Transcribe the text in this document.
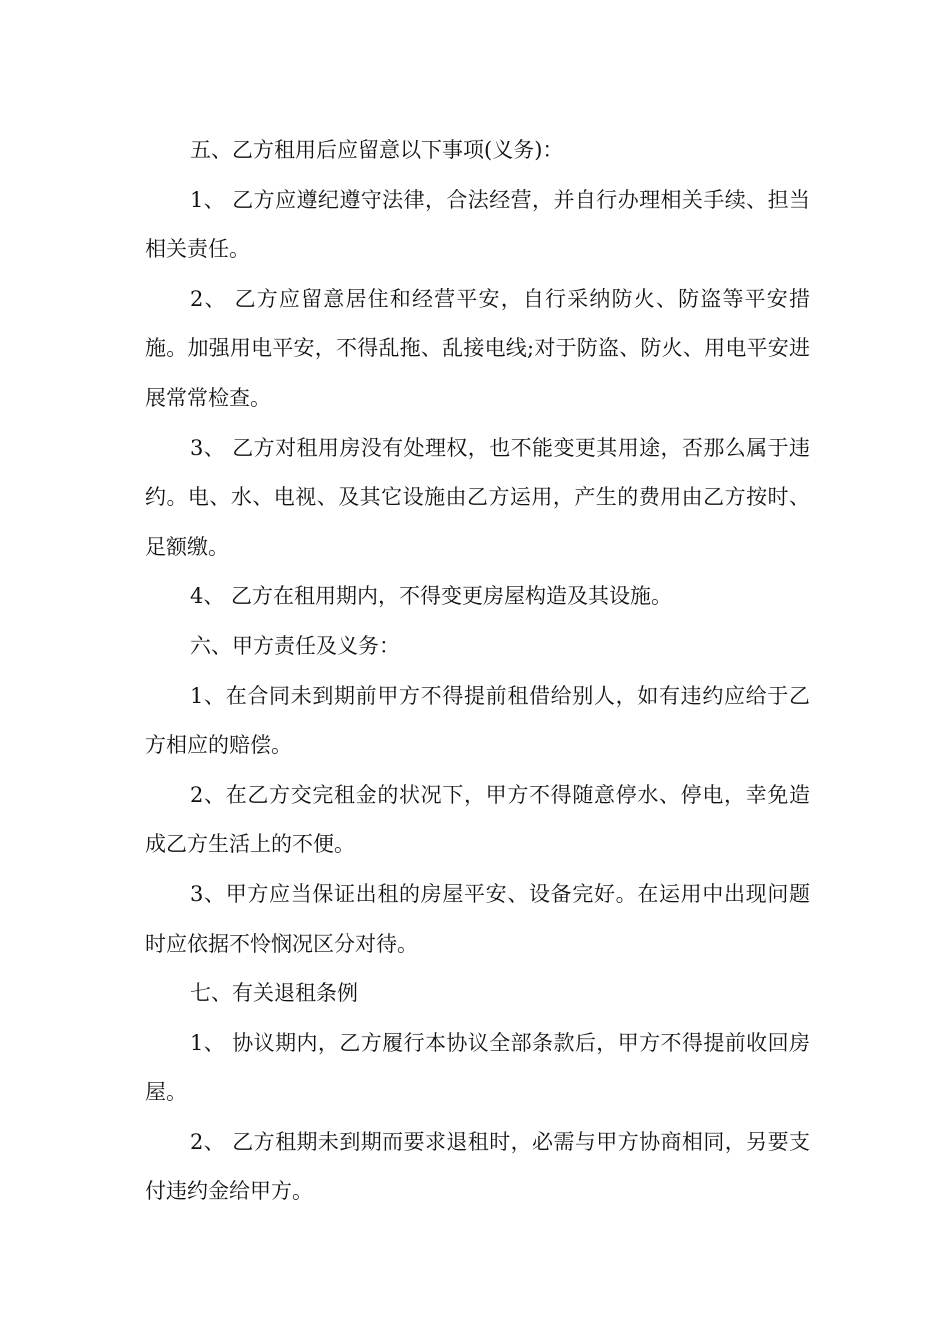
五、乙方租用后应留意以下事项(义务)：

1、 乙方应遵纪遵守法律，合法经营，并自行办理相关手续、担当相关责任。

2、 乙方应留意居住和经营平安，自行采纳防火、防盗等平安措施。加强用电平安，不得乱拖、乱接电线;对于防盗、防火、用电平安进展常常检查。

3、 乙方对租用房没有处理权，也不能变更其用途，否那么属于违约。电、水、电视、及其它设施由乙方运用，产生的费用由乙方按时、足额缴。

4、 乙方在租用期内，不得变更房屋构造及其设施。

六、甲方责任及义务：

1、在合同未到期前甲方不得提前租借给别人，如有违约应给于乙方相应的赔偿。

2、在乙方交完租金的状况下，甲方不得随意停水、停电，幸免造成乙方生活上的不便。

3、甲方应当保证出租的房屋平安、设备完好。在运用中出现问题时应依据不怜悯况区分对待。

七、有关退租条例

1、 协议期内，乙方履行本协议全部条款后，甲方不得提前收回房屋。

2、 乙方租期未到期而要求退租时，必需与甲方协商相同，另要支付违约金给甲方。
